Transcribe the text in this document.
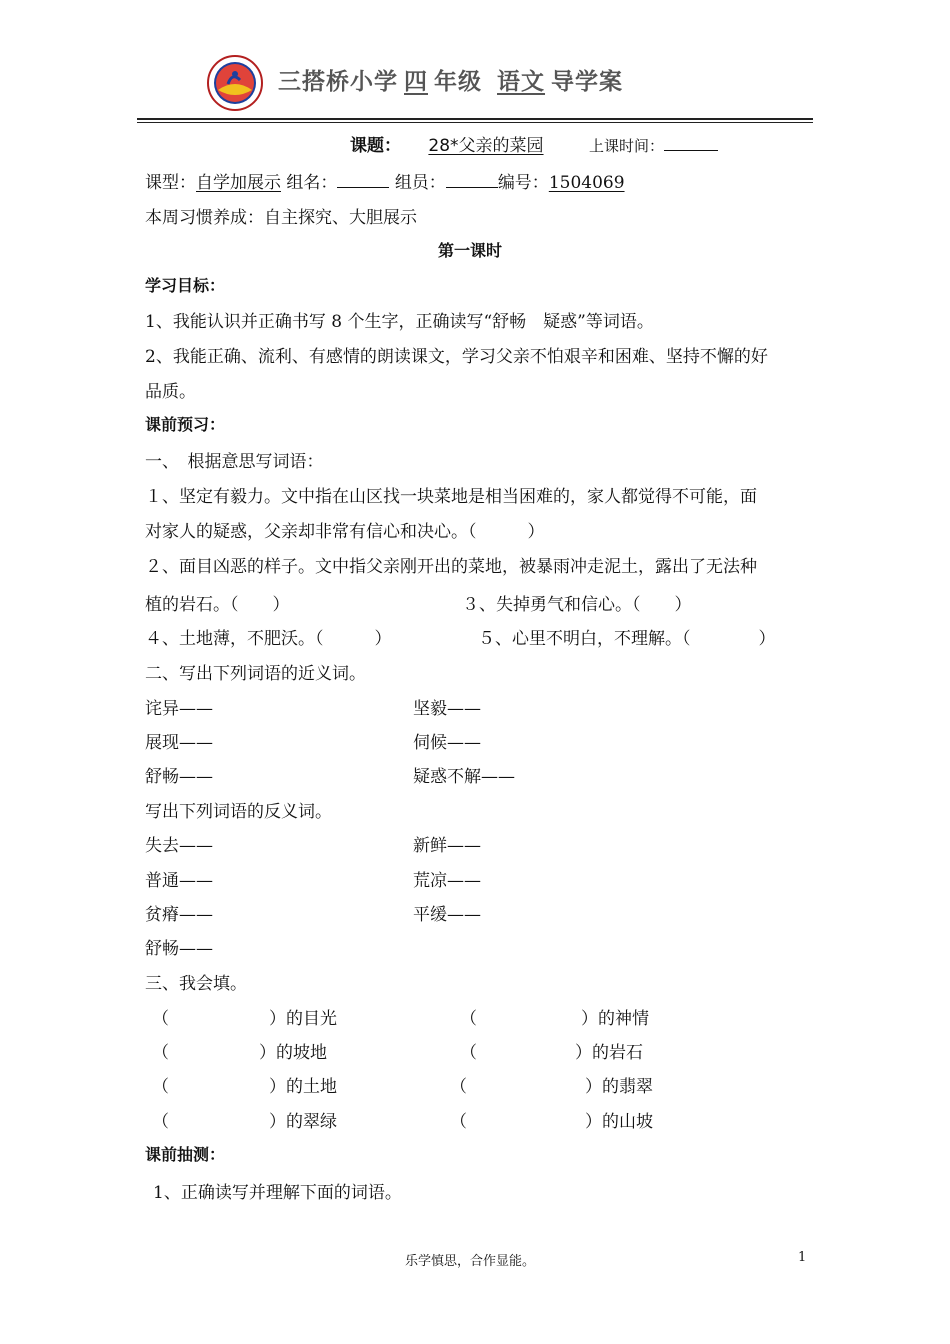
三搭桥小学 四 年级 语文 导学案
课题： 28*父亲的菜园	上课时间：
课型：自学加展示 组名：	组员：	编号：1504069
本周习惯养成：自主探究、大胆展示
第一课时
学习目标：
1、我能认识并正确书写 8 个生字，正确读写“舒畅　疑惑”等词语。
2、我能正确、流利、有感情的朗读课文，学习父亲不怕艰辛和困难、坚持不懈的好
品质。
课前预习：
一、　根据意思写词语：
１、坚定有毅力。文中指在山区找一块菜地是相当困难的，家人都觉得不可能，面
对家人的疑惑，父亲却非常有信心和决心。（　　　）
２、面目凶恶的样子。文中指父亲刚开出的菜地，被暴雨冲走泥土，露出了无法种
植的岩石。（　　）	３、失掉勇气和信心。（　　）
４、土地薄，不肥沃。（　　　）	５、心里不明白，不理解。（　　　　）
二、写出下列词语的近义词。
诧异——	坚毅——
展现——	伺候——
舒畅——	疑惑不解——
写出下列词语的反义词。
失去——	新鲜——
普通——	荒凉——
贫瘠——	平缓——
舒畅——
三、我会填。
（	）的目光	（	）的神情
（	）的坡地	（	）的岩石
（	）的土地	（	）的翡翠
（	）的翠绿	（	）的山坡
课前抽测：
1、正确读写并理解下面的词语。
乐学慎思，合作显能。	1
